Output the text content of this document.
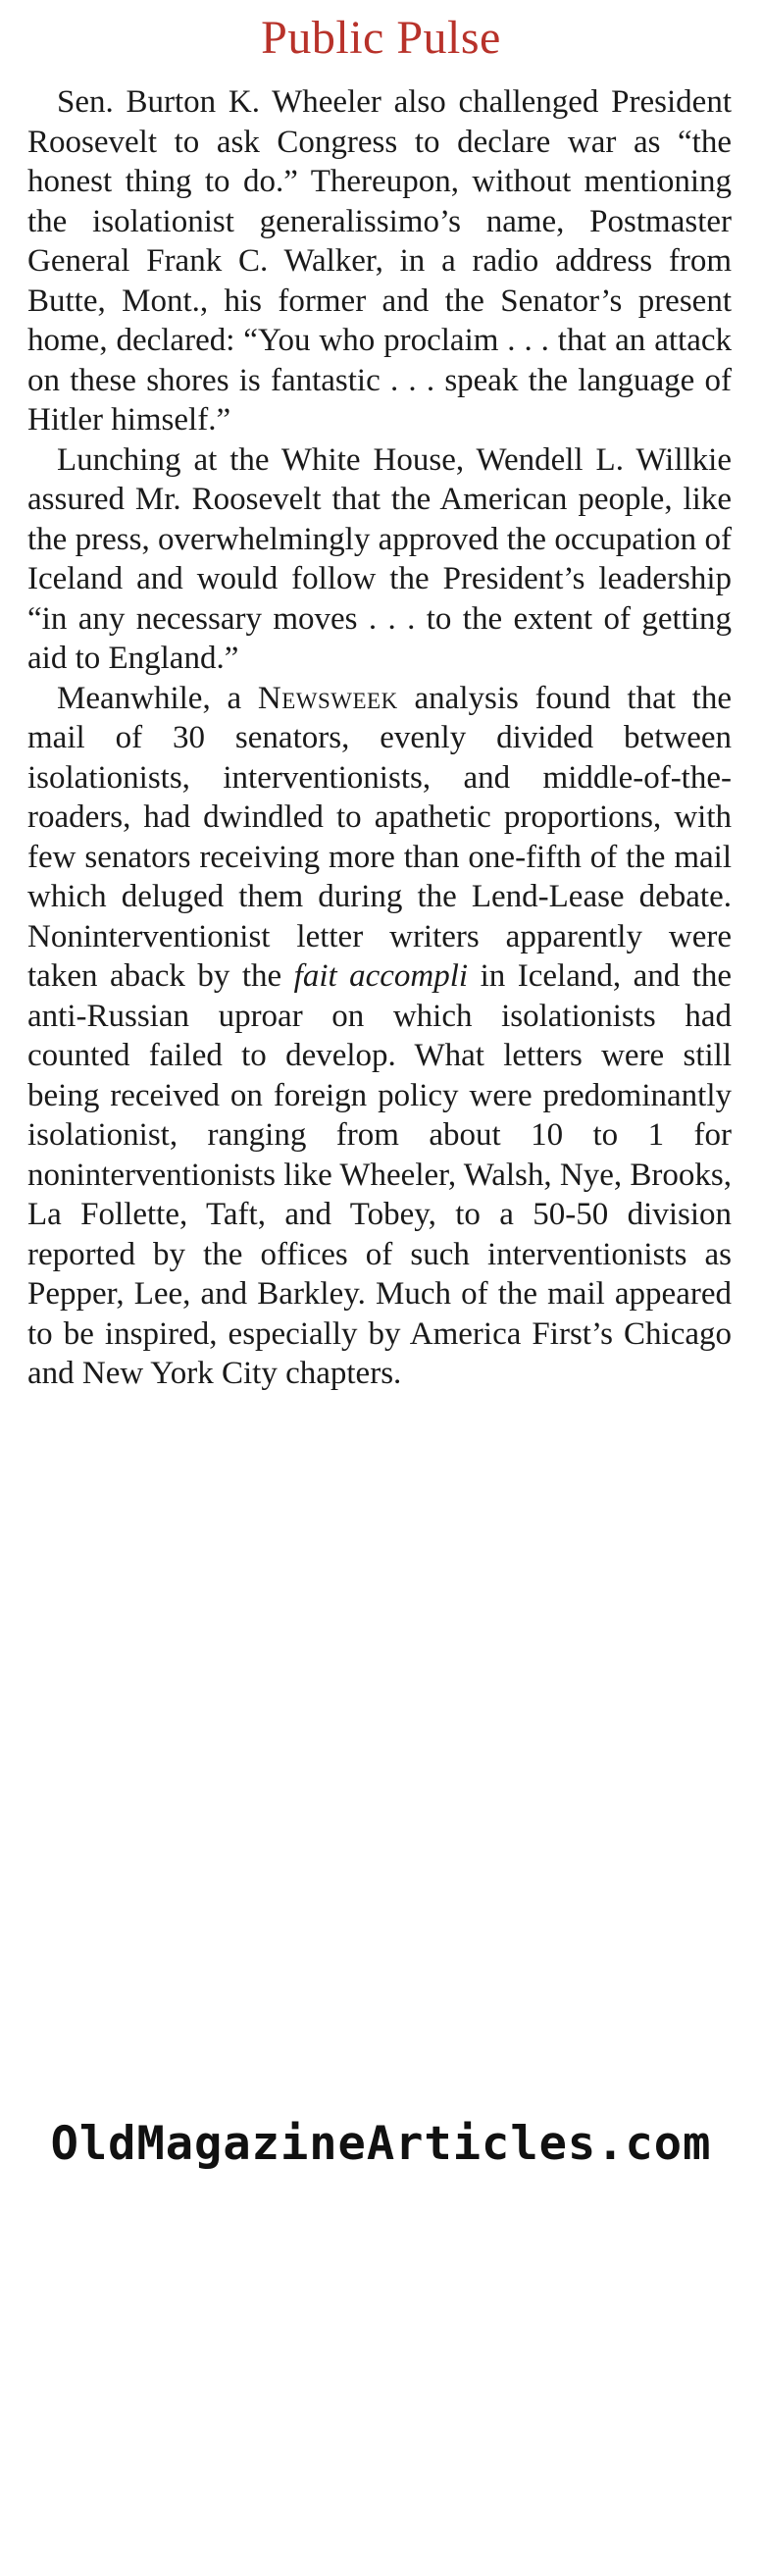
Public Pulse

Sen. Burton K. Wheeler also challenged President Roosevelt to ask Congress to declare war as “the honest thing to do.” Thereupon, without mentioning the isolationist generalissimo’s name, Postmaster General Frank C. Walker, in a radio address from Butte, Mont., his former and the Senator’s present home, declared: “You who proclaim . . . that an attack on these shores is fantastic . . . speak the language of Hitler himself.”

Lunching at the White House, Wendell L. Willkie assured Mr. Roosevelt that the American people, like the press, overwhelmingly approved the occupation of Iceland and would follow the President’s leadership “in any necessary moves . . . to the extent of getting aid to England.”

Meanwhile, a Newsweek analysis found that the mail of 30 senators, evenly divided between isolationists, interventionists, and middle-of-the-roaders, had dwindled to apathetic proportions, with few senators receiving more than one-fifth of the mail which deluged them during the Lend-Lease debate. Noninterventionist letter writers apparently were taken aback by the fait accompli in Iceland, and the anti-Russian uproar on which isolationists had counted failed to develop. What letters were still being received on foreign policy were predominantly isolationist, ranging from about 10 to 1 for noninterventionists like Wheeler, Walsh, Nye, Brooks, La Follette, Taft, and Tobey, to a 50-50 division reported by the offices of such interventionists as Pepper, Lee, and Barkley. Much of the mail appeared to be inspired, especially by America First’s Chicago and New York City chapters.

OldMagazineArticles.com
